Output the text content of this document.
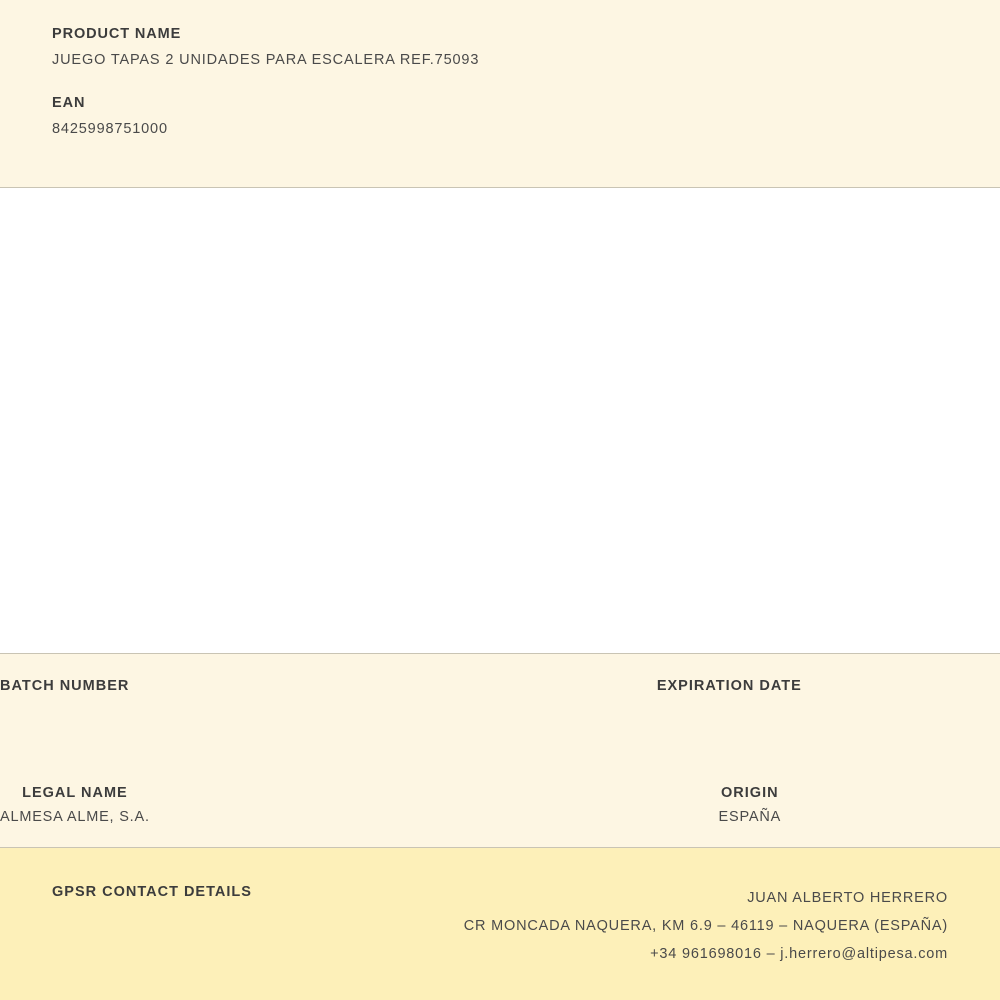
PRODUCT NAME

JUEGO TAPAS 2 UNIDADES PARA ESCALERA REF.75093

EAN

8425998751000

BATCH NUMBER	EXPIRATION DATE

LEGAL NAME

ALMESA ALME, S.A.

ORIGIN

ESPAÑA

GPSR CONTACT DETAILS	JUAN ALBERTO HERRERO
CR MONCADA NAQUERA, KM 6.9 – 46119 – NAQUERA (ESPAÑA)
+34 961698016 – j.herrero@altipesa.com
